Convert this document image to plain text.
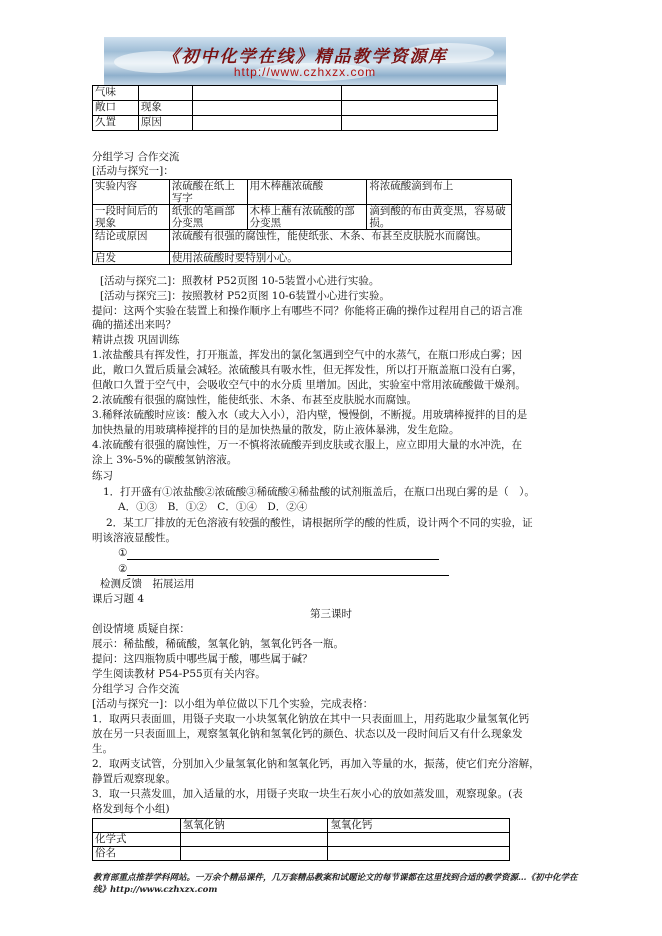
《初中化学在线》精品教学资源库
http://www.czhxzx.com
气味			
敞口	现象		
久置	原因		
分组学习 合作交流
[活动与探究一]：
实验内容	浓硫酸在纸上写字	用木棒蘸浓硫酸	将浓硫酸滴到布上
一段时间后的现象	纸张的笔画部分变黑	木棒上蘸有浓硫酸的部分变黑	滴到酸的布由黄变黑，容易破损。
结论或原因	浓硫酸有很强的腐蚀性，能使纸张、木条、布甚至皮肤脱水而腐蚀。		
启发	使用浓硫酸时要特别小心。		
[活动与探究二]：照教材 P52页图 10-5装置小心进行实验。
[活动与探究三]：按照教材 P52页图 10-6装置小心进行实验。
提问：这两个实验在装置上和操作顺序上有哪些不同？你能将正确的操作过程用自己的语言准
确的描述出来吗？
精讲点拨 巩固训练
1.浓盐酸具有挥发性，打开瓶盖，挥发出的氯化氢遇到空气中的水蒸气，在瓶口形成白雾；因
此，敞口久置后质量会减轻。浓硫酸具有吸水性，但无挥发性，所以打开瓶盖瓶口没有白雾，
但敞口久置于空气中，会吸收空气中的水分质 里增加。因此，实验室中常用浓硫酸做干燥剂。
2.浓硫酸有很强的腐蚀性，能使纸张、木条、布甚至皮肤脱水而腐蚀。
3.稀释浓硫酸时应该：酸入水（或大入小），沿内壁，慢慢倒，不断搅。用玻璃棒搅拌的目的是
加快热量的用玻璃棒搅拌的目的是加快热量的散发，防止液体暴沸，发生危险。
4.浓硫酸有很强的腐蚀性，万一不慎将浓硫酸弄到皮肤或衣服上，应立即用大量的水冲洗，在
涂上 3%-5%的碳酸氢钠溶液。
练习
1．打开盛有①浓盐酸②浓硫酸③稀硫酸④稀盐酸的试剂瓶盖后，在瓶口出现白雾的是（　）。
A．①③　B．①②　C．①④　D．②④
2．某工厂排放的无色溶液有较强的酸性，请根据所学的酸的性质，设计两个不同的实验，证
明该溶液显酸性。
①
②
检测反馈　拓展运用
课后习题 4
第三课时
创设情境 质疑自探：
展示：稀盐酸，稀硫酸，氢氧化钠，氢氧化钙各一瓶。
提问：这四瓶物质中哪些属于酸，哪些属于碱？
学生阅读教材 P54-P55页有关内容。
分组学习 合作交流
[活动与探究一]：以小组为单位做以下几个实验，完成表格：
1．取两只表面皿，用镊子夹取一小块氢氧化钠放在其中一只表面皿上，用药匙取少量氢氧化钙
放在另一只表面皿上，观察氢氧化钠和氢氧化钙的颜色、状态以及一段时间后又有什么现象发
生。
2．取两支试管，分别加入少量氢氧化钠和氢氧化钙，再加入等量的水，振荡，使它们充分溶解，
静置后观察现象。
3．取一只蒸发皿，加入适量的水，用镊子夹取一块生石灰小心的放如蒸发皿，观察现象。(表
格发到每个小组)
	氢氧化钠	氢氧化钙
化学式		
俗名		
教育部重点推荐学科网站。一万余个精品课件，几万套精品教案和试题论文的每节课都在这里找到合适的教学资源…《初中化学在线》http://www.czhxzx.com
